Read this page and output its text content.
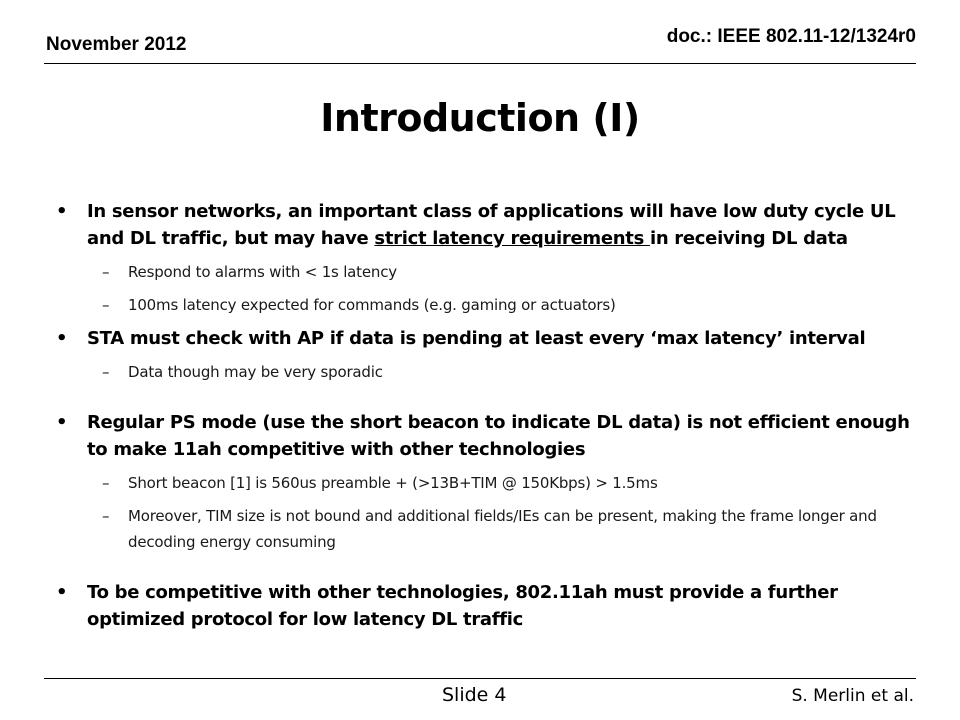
November 2012	doc.: IEEE 802.11-12/1324r0
Introduction (I)
• In sensor networks, an important class of applications will have low duty cycle UL and DL traffic, but may have strict latency requirements in receiving DL data
– Respond to alarms with < 1s latency
– 100ms latency expected for commands (e.g. gaming or actuators)
• STA must check with AP if data is pending at least every ‘max latency’ interval
– Data though may be very sporadic
• Regular PS mode (use the short beacon to indicate DL data) is not efficient enough to make 11ah competitive with other technologies
– Short beacon [1] is 560us preamble + (>13B+TIM @ 150Kbps) > 1.5ms
– Moreover, TIM size is not bound and additional fields/IEs can be present, making the frame longer and decoding energy consuming
• To be competitive with other technologies, 802.11ah must provide a further optimized protocol for low latency DL traffic
Slide 4	S. Merlin et al.
